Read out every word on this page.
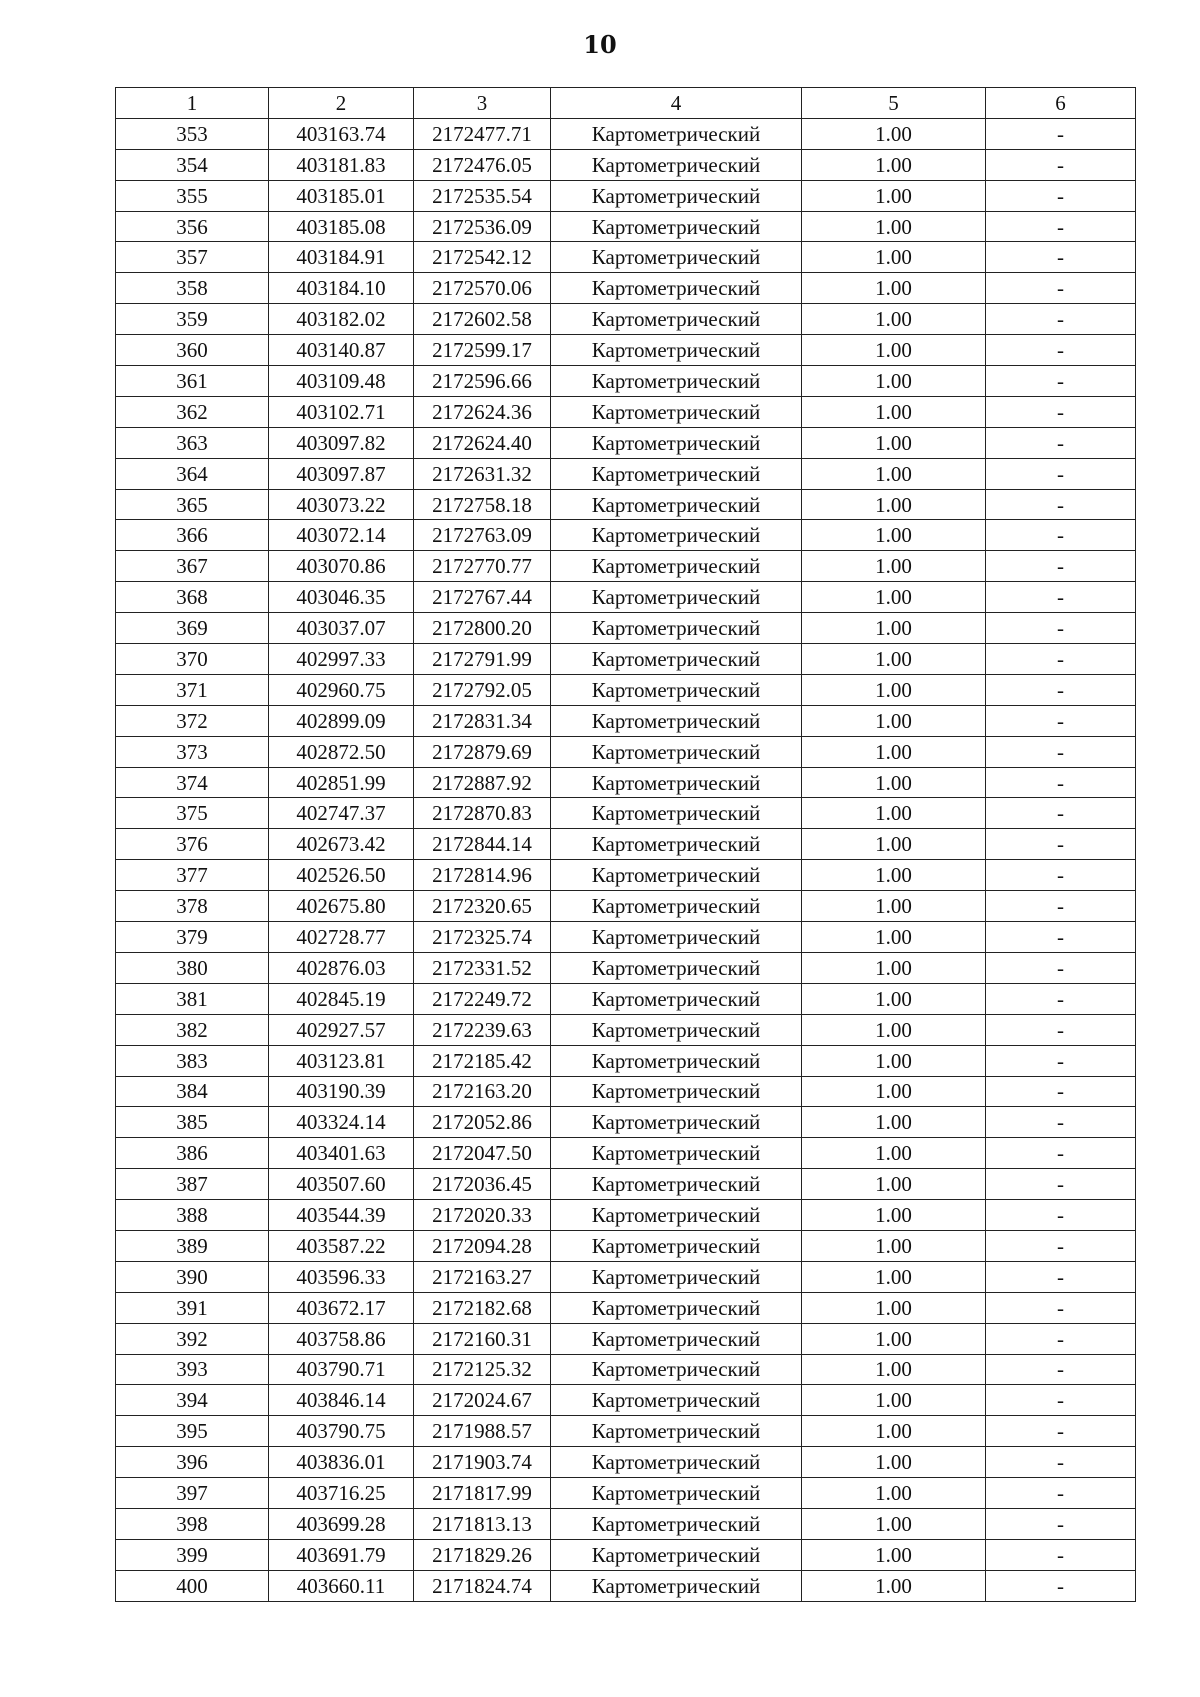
10
1	2	3	4	5	6
353	403163.74	2172477.71	Картометрический	1.00	-
354	403181.83	2172476.05	Картометрический	1.00	-
355	403185.01	2172535.54	Картометрический	1.00	-
356	403185.08	2172536.09	Картометрический	1.00	-
357	403184.91	2172542.12	Картометрический	1.00	-
358	403184.10	2172570.06	Картометрический	1.00	-
359	403182.02	2172602.58	Картометрический	1.00	-
360	403140.87	2172599.17	Картометрический	1.00	-
361	403109.48	2172596.66	Картометрический	1.00	-
362	403102.71	2172624.36	Картометрический	1.00	-
363	403097.82	2172624.40	Картометрический	1.00	-
364	403097.87	2172631.32	Картометрический	1.00	-
365	403073.22	2172758.18	Картометрический	1.00	-
366	403072.14	2172763.09	Картометрический	1.00	-
367	403070.86	2172770.77	Картометрический	1.00	-
368	403046.35	2172767.44	Картометрический	1.00	-
369	403037.07	2172800.20	Картометрический	1.00	-
370	402997.33	2172791.99	Картометрический	1.00	-
371	402960.75	2172792.05	Картометрический	1.00	-
372	402899.09	2172831.34	Картометрический	1.00	-
373	402872.50	2172879.69	Картометрический	1.00	-
374	402851.99	2172887.92	Картометрический	1.00	-
375	402747.37	2172870.83	Картометрический	1.00	-
376	402673.42	2172844.14	Картометрический	1.00	-
377	402526.50	2172814.96	Картометрический	1.00	-
378	402675.80	2172320.65	Картометрический	1.00	-
379	402728.77	2172325.74	Картометрический	1.00	-
380	402876.03	2172331.52	Картометрический	1.00	-
381	402845.19	2172249.72	Картометрический	1.00	-
382	402927.57	2172239.63	Картометрический	1.00	-
383	403123.81	2172185.42	Картометрический	1.00	-
384	403190.39	2172163.20	Картометрический	1.00	-
385	403324.14	2172052.86	Картометрический	1.00	-
386	403401.63	2172047.50	Картометрический	1.00	-
387	403507.60	2172036.45	Картометрический	1.00	-
388	403544.39	2172020.33	Картометрический	1.00	-
389	403587.22	2172094.28	Картометрический	1.00	-
390	403596.33	2172163.27	Картометрический	1.00	-
391	403672.17	2172182.68	Картометрический	1.00	-
392	403758.86	2172160.31	Картометрический	1.00	-
393	403790.71	2172125.32	Картометрический	1.00	-
394	403846.14	2172024.67	Картометрический	1.00	-
395	403790.75	2171988.57	Картометрический	1.00	-
396	403836.01	2171903.74	Картометрический	1.00	-
397	403716.25	2171817.99	Картометрический	1.00	-
398	403699.28	2171813.13	Картометрический	1.00	-
399	403691.79	2171829.26	Картометрический	1.00	-
400	403660.11	2171824.74	Картометрический	1.00	-
